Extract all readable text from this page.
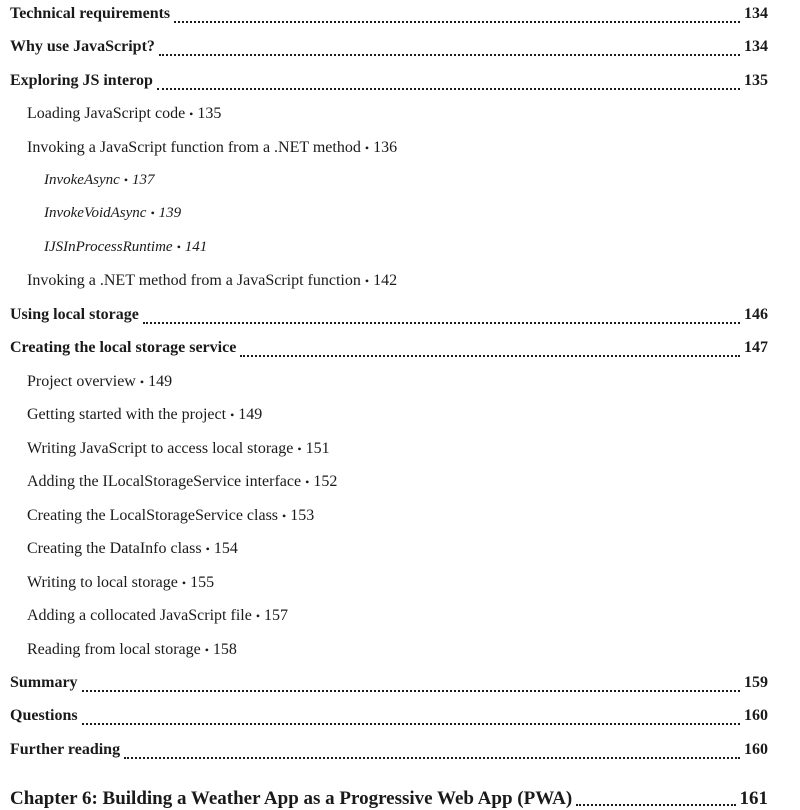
Technical requirements	134
Why use JavaScript?	134
Exploring JS interop	135
Loading JavaScript code • 135
Invoking a JavaScript function from a .NET method • 136
InvokeAsync • 137
InvokeVoidAsync • 139
IJSInProcessRuntime • 141
Invoking a .NET method from a JavaScript function • 142
Using local storage	146
Creating the local storage service	147
Project overview • 149
Getting started with the project • 149
Writing JavaScript to access local storage • 151
Adding the ILocalStorageService interface • 152
Creating the LocalStorageService class • 153
Creating the DataInfo class • 154
Writing to local storage • 155
Adding a collocated JavaScript file • 157
Reading from local storage • 158
Summary	159
Questions	160
Further reading	160
Chapter 6: Building a Weather App as a Progressive Web App (PWA)	161
